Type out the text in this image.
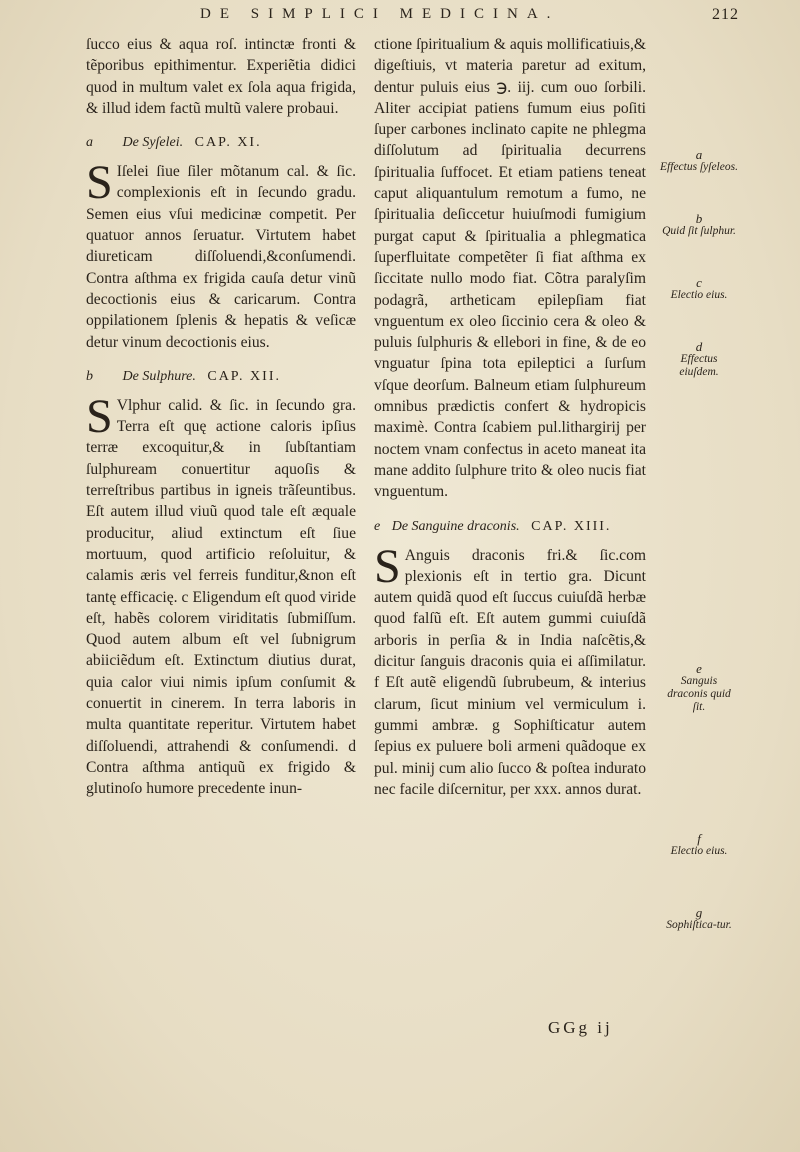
DE SIMPLICI MEDICINA.	212

ſucco eius & aqua roſ. intinctæ fronti & tẽporibus epithimentur. Experiẽtia didici quod in multum valet ex ſola aqua frigida, & illud idem factũ multũ valere probaui.

a De Syſelei. CAP. XI.

S Iſelei ſiue ſiler mõtanum cal. & ſic. complexionis eſt in ſecundo gradu. Semen eius vſui medicinæ competit. Per quatuor annos ſeruatur. Virtutem habet diureticam diſſoluendi,&conſumendi. Contra aſthma ex frigida cauſa detur vinũ decoctionis eius & caricarum. Contra oppilationem ſplenis & hepatis & veſicæ detur vinum decoctionis eius.

b De Sulphure. CAP. XII.

S Vlphur calid. & ſic. in ſecundo gra. Terra eſt quę actione caloris ipſius terræ excoquitur,& in ſubſtantiam ſulphuream conuertitur aquoſis & terreſtribus partibus in igneis trãſeuntibus. Eſt autem illud viuũ quod tale eſt æquale producitur, aliud extinctum eſt ſiue mortuum, quod artificio reſoluitur, & calamis æris vel ferreis funditur,&non eſt tantę efficacię. c Eligendum eſt quod viride eſt, habẽs colorem viriditatis ſubmiſſum. Quod autem album eſt vel ſubnigrum abiiciẽdum eſt. Extinctum diutius durat, quia calor viui nimis ipſum conſumit & conuertit in cinerem. In terra laboris in multa quantitate reperitur. Virtutem habet diſſoluendi, attrahendi & conſumendi. d Contra aſthma antiquũ ex frigido & glutinoſo humore precedente inun-

ctione ſpiritualium & aquis mollificatiuis,& digeſtiuis, vt materia paretur ad exitum, dentur puluis eius ℈. iij. cum ouo ſorbili. Aliter accipiat patiens fumum eius poſiti ſuper carbones inclinato capite ne phlegma diſſolutum ad ſpiritualia decurrens ſpiritualia ſuffocet. Et etiam patiens teneat caput aliquantulum remotum a fumo, ne ſpiritualia deſiccetur huiuſmodi fumigium purgat caput & ſpiritualia a phlegmatica ſuperfluitate competẽter ſi fiat aſthma ex ſiccitate nullo modo fiat. Cõtra paralyſim podagrã, artheticam epilepſiam fiat vnguentum ex oleo ſiccinio cera & oleo & puluis ſulphuris & ellebori in fine, & de eo vnguatur ſpina tota epileptici a ſurſum vſque deorſum. Balneum etiam ſulphureum omnibus prædictis confert & hydropicis maximè. Contra ſcabiem pul.lithargirij per noctem vnam confectus in aceto maneat ita mane addito ſulphure trito & oleo nucis fiat vnguentum.

e De Sanguine draconis. CAP. XIII.

S Anguis draconis fri.& ſic.com plexionis eſt in tertio gra. Dicunt autem quidã quod eſt ſuccus cuiuſdã herbæ quod falſũ eſt. Eſt autem gummi cuiuſdã arboris in perſia & in India naſcẽtis,& dicitur ſanguis draconis quia ei aſſimilatur. f Eſt autẽ eligendũ ſubrubeum, & interius clarum, ſicut minium vel vermiculum i. gummi ambræ. g Sophiſticatur autem ſepius ex puluere boli armeni quãdoque ex pul. minij cum alio ſucco & poſtea indurato nec facile diſcernitur, per xxx. annos durat.

a
Effectus ſyſeleos.
b
Quid ſit ſulphur.
c
Electio eius.
d
Effectus eiuſdem.
e
Sanguis draconis quid ſit.
f
Electio eius.
g
Sophiſtica-tur.
GGg ij
